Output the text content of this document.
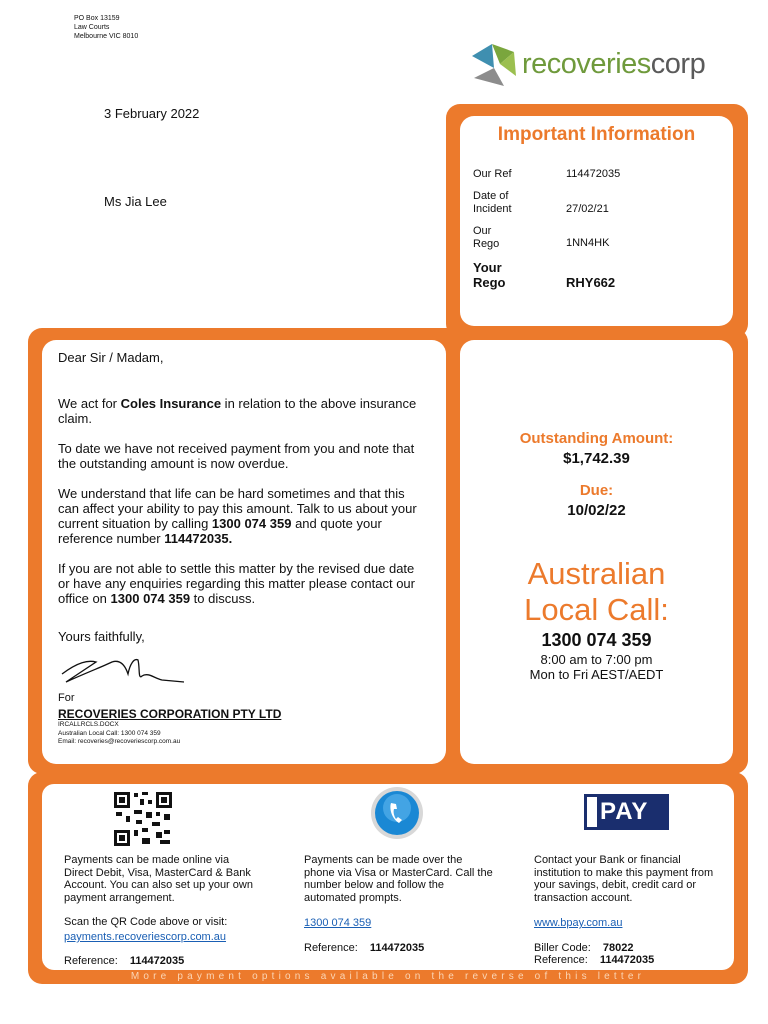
PO Box 13159
Law Courts
Melbourne VIC 8010
recoveriescorp
3 February 2022
Ms Jia Lee
Important Information
Our Ref	114472035
Date of
Incident	27/02/21
Our
Rego	1NN4HK
Your
Rego	RHY662

Dear Sir / Madam,

We act for Coles Insurance in relation to the above insurance claim.

To date we have not received payment from you and note that the outstanding amount is now overdue.

We understand that life can be hard sometimes and that this can affect your ability to pay this amount. Talk to us about your current situation by calling 1300 074 359 and quote your reference number 114472035.

If you are not able to settle this matter by the revised due date or have any enquiries regarding this matter please contact our office on 1300 074 359 to discuss.

Yours faithfully,

For
RECOVERIES CORPORATION PTY LTD
IRCALLRCLS.DOCX
Australian Local Call: 1300 074 359
Email: recoveries@recoveriescorp.com.au
Outstanding Amount:
$1,742.39
Due:
10/02/22
Australian
Local Call:
1300 074 359
8:00 am to 7:00 pm
Mon to Fri AEST/AEDT
PAY

Payments can be made online via Direct Debit, Visa, MasterCard & Bank Account. You can also set up your own payment arrangement.

Scan the QR Code above or visit:

payments.recoveriescorp.com.au
Reference: 114472035
Payments can be made over the phone via Visa or MasterCard. Call the number below and follow the automated prompts.
1300 074 359
Reference: 114472035
Contact your Bank or financial institution to make this payment from your savings, debit, credit card or transaction account.
www.bpay.com.au
Biller Code: 78022
Reference: 114472035
More payment options available on the reverse of this letter
